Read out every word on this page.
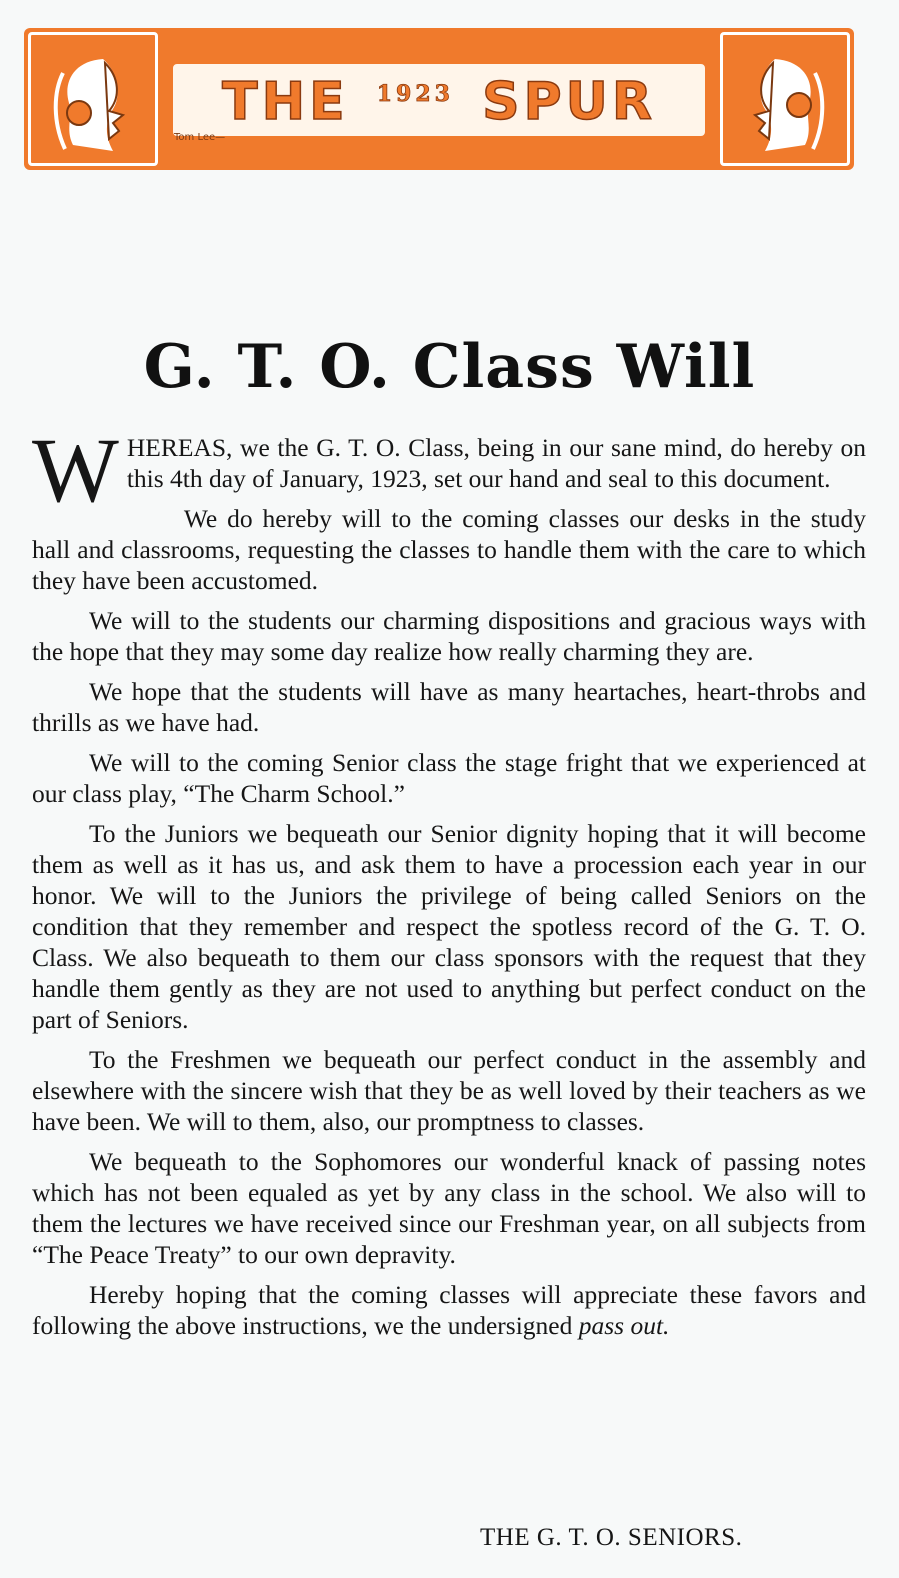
THE 1923 SPUR
Tom Lee—
G. T. O. Class Will

WHEREAS, we the G. T. O. Class, being in our sane mind, do hereby on this 4th day of January, 1923, set our hand and seal to this document.

We do hereby will to the coming classes our desks in the study hall and classrooms, requesting the classes to handle them with the care to which they have been accustomed.

We will to the students our charming dispositions and gracious ways with the hope that they may some day realize how really charming they are.

We hope that the students will have as many heartaches, heart-throbs and thrills as we have had.

We will to the coming Senior class the stage fright that we experienced at our class play, “The Charm School.”

To the Juniors we bequeath our Senior dignity hoping that it will become them as well as it has us, and ask them to have a procession each year in our honor. We will to the Juniors the privilege of being called Seniors on the condition that they remember and respect the spotless record of the G. T. O. Class. We also bequeath to them our class sponsors with the request that they handle them gently as they are not used to anything but perfect conduct on the part of Seniors.

To the Freshmen we bequeath our perfect conduct in the assembly and elsewhere with the sincere wish that they be as well loved by their teachers as we have been. We will to them, also, our promptness to classes.

We bequeath to the Sophomores our wonderful knack of passing notes which has not been equaled as yet by any class in the school. We also will to them the lectures we have received since our Freshman year, on all subjects from “The Peace Treaty” to our own depravity.

Hereby hoping that the coming classes will appreciate these favors and following the above instructions, we the undersigned pass out.

THE G. T. O. SENIORS.
